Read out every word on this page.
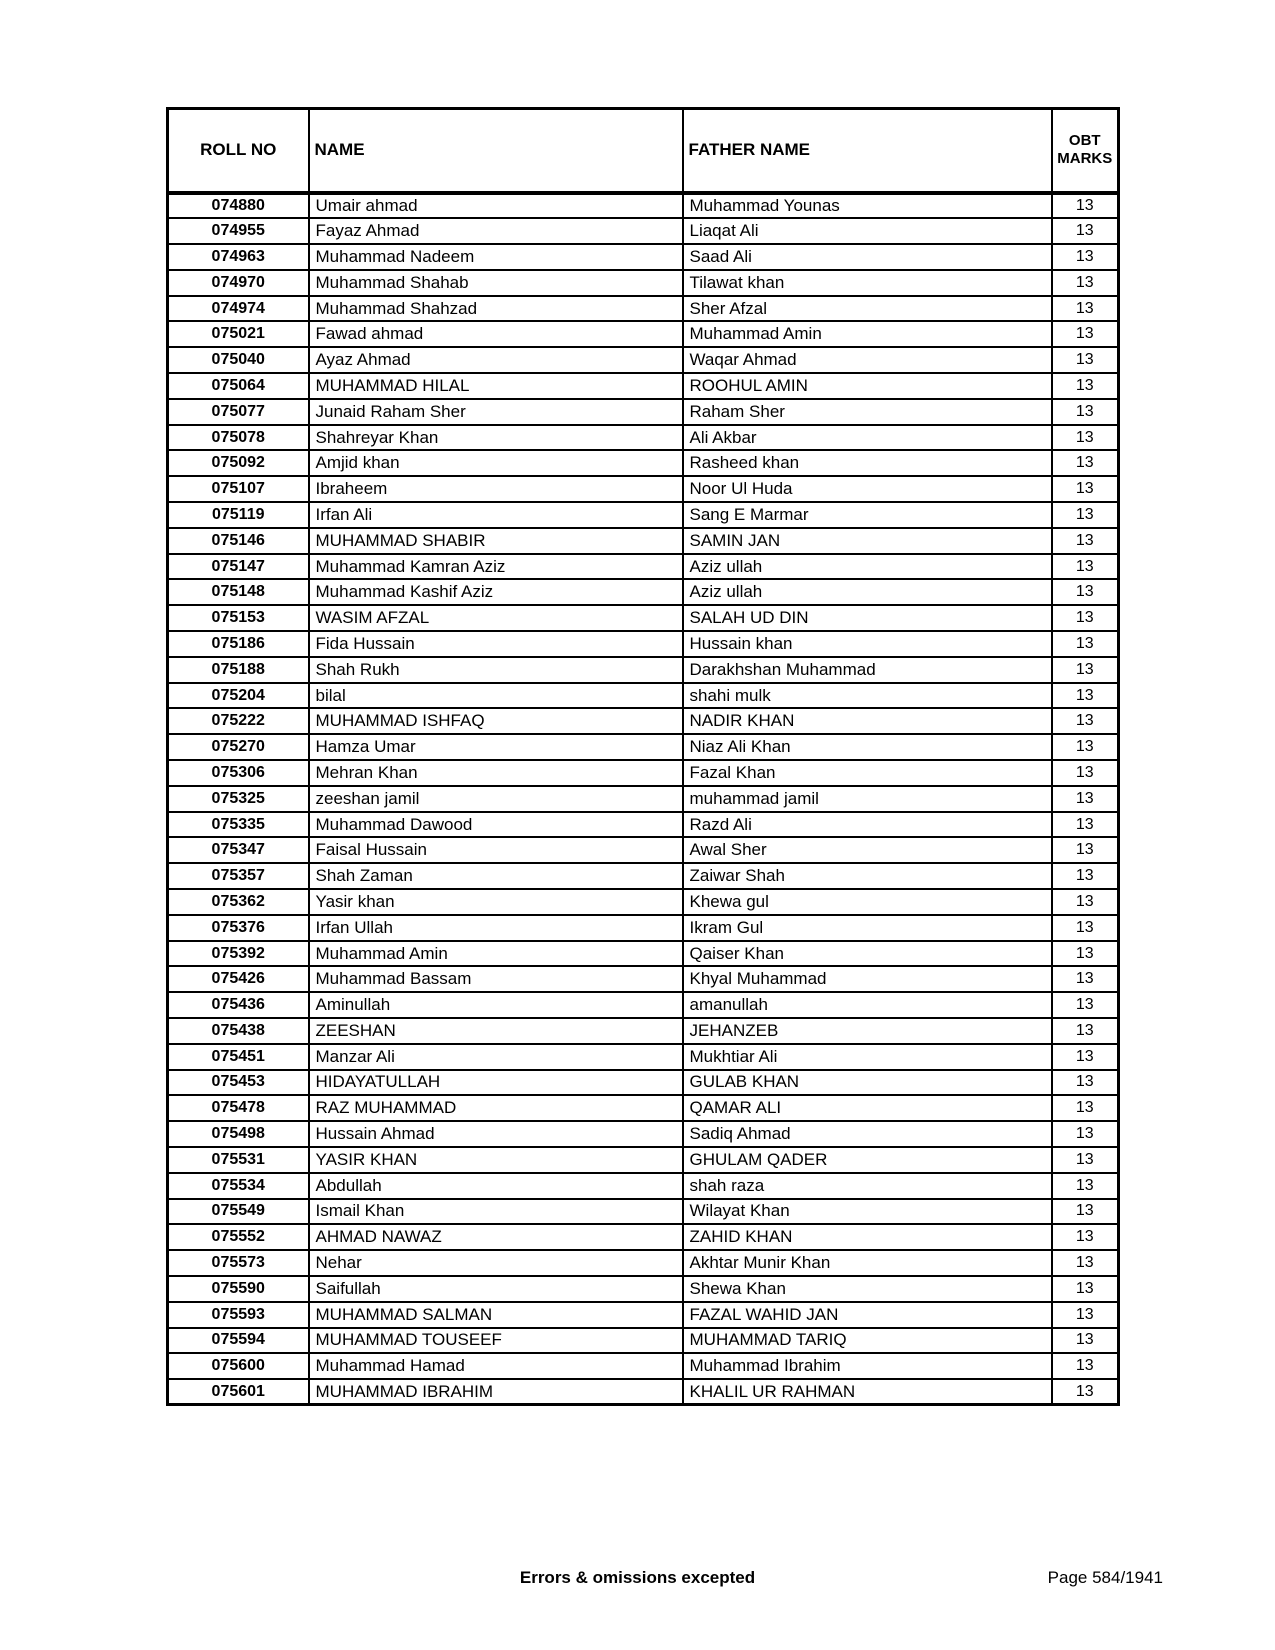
ROLL NO	NAME	FATHER NAME	OBT MARKS
074880	Umair ahmad	Muhammad Younas	13
074955	Fayaz Ahmad	Liaqat Ali	13
074963	Muhammad Nadeem	Saad Ali	13
074970	Muhammad Shahab	Tilawat khan	13
074974	Muhammad Shahzad	Sher Afzal	13
075021	Fawad ahmad	Muhammad Amin	13
075040	Ayaz Ahmad	Waqar Ahmad	13
075064	MUHAMMAD HILAL	ROOHUL AMIN	13
075077	Junaid Raham Sher	Raham Sher	13
075078	Shahreyar Khan	Ali Akbar	13
075092	Amjid khan	Rasheed khan	13
075107	Ibraheem	Noor Ul Huda	13
075119	Irfan Ali	Sang E Marmar	13
075146	MUHAMMAD SHABIR	SAMIN JAN	13
075147	Muhammad Kamran Aziz	Aziz ullah	13
075148	Muhammad Kashif Aziz	Aziz ullah	13
075153	WASIM AFZAL	SALAH UD DIN	13
075186	Fida Hussain	Hussain khan	13
075188	Shah Rukh	Darakhshan Muhammad	13
075204	bilal	shahi mulk	13
075222	MUHAMMAD ISHFAQ	NADIR KHAN	13
075270	Hamza Umar	Niaz Ali Khan	13
075306	Mehran Khan	Fazal Khan	13
075325	zeeshan jamil	muhammad jamil	13
075335	Muhammad Dawood	Razd Ali	13
075347	Faisal Hussain	Awal Sher	13
075357	Shah Zaman	Zaiwar Shah	13
075362	Yasir khan	Khewa gul	13
075376	Irfan Ullah	Ikram Gul	13
075392	Muhammad Amin	Qaiser Khan	13
075426	Muhammad Bassam	Khyal Muhammad	13
075436	Aminullah	amanullah	13
075438	ZEESHAN	JEHANZEB	13
075451	Manzar Ali	Mukhtiar Ali	13
075453	HIDAYATULLAH	GULAB KHAN	13
075478	RAZ MUHAMMAD	QAMAR ALI	13
075498	Hussain Ahmad	Sadiq Ahmad	13
075531	YASIR KHAN	GHULAM QADER	13
075534	Abdullah	shah raza	13
075549	Ismail Khan	Wilayat Khan	13
075552	AHMAD NAWAZ	ZAHID KHAN	13
075573	Nehar	Akhtar Munir Khan	13
075590	Saifullah	Shewa Khan	13
075593	MUHAMMAD SALMAN	FAZAL WAHID JAN	13
075594	MUHAMMAD TOUSEEF	MUHAMMAD TARIQ	13
075600	Muhammad Hamad	Muhammad Ibrahim	13
075601	MUHAMMAD IBRAHIM	KHALIL UR RAHMAN	13
Errors & omissions excepted	Page 584/1941
